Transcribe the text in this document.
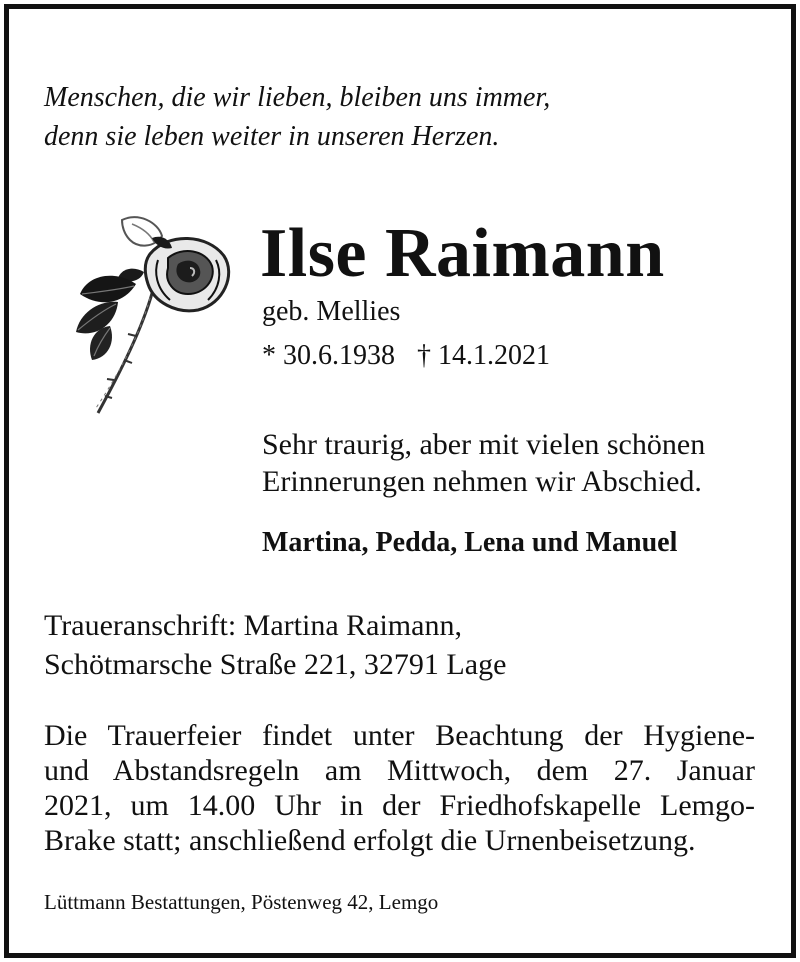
Menschen, die wir lieben, bleiben uns immer,
denn sie leben weiter in unseren Herzen.

Ilse Raimann
geb. Mellies
* 30.6.1938 † 14.1.2021
Sehr traurig, aber mit vielen schönen
Erinnerungen nehmen wir Abschied.
Martina, Pedda, Lena und Manuel
Traueranschrift: Martina Raimann,
Schötmarsche Straße 221, 32791 Lage
Die Trauerfeier findet unter Beachtung der Hygiene-
und Abstandsregeln am Mittwoch, dem 27. Januar
2021, um 14.00 Uhr in der Friedhofskapelle Lemgo-
Brake statt; anschließend erfolgt die Urnenbeisetzung.
Lüttmann Bestattungen, Pöstenweg 42, Lemgo
